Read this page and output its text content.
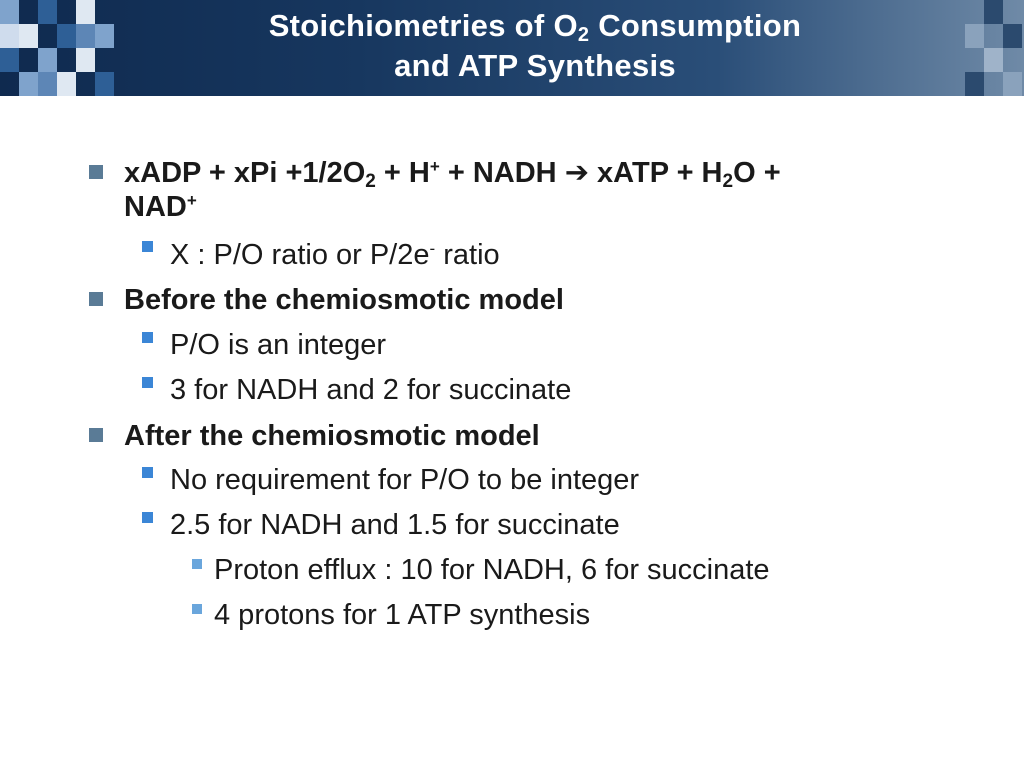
Stoichiometries of $O_2$ Consumption
and ATP Synthesis
xADP + xPi $+1/2O_2 + H^+$ + NADH ➔ xATP + $H_2O$ +
NAD+
X : P/O ratio or P/2e- ratio
Before the chemiosmotic model
P/O is an integer
3 for NADH and 2 for succinate
After the chemiosmotic model
No requirement for P/O to be integer
2.5 for NADH and 1.5 for succinate
Proton efflux : 10 for NADH, 6 for succinate
4 protons for 1 ATP synthesis
